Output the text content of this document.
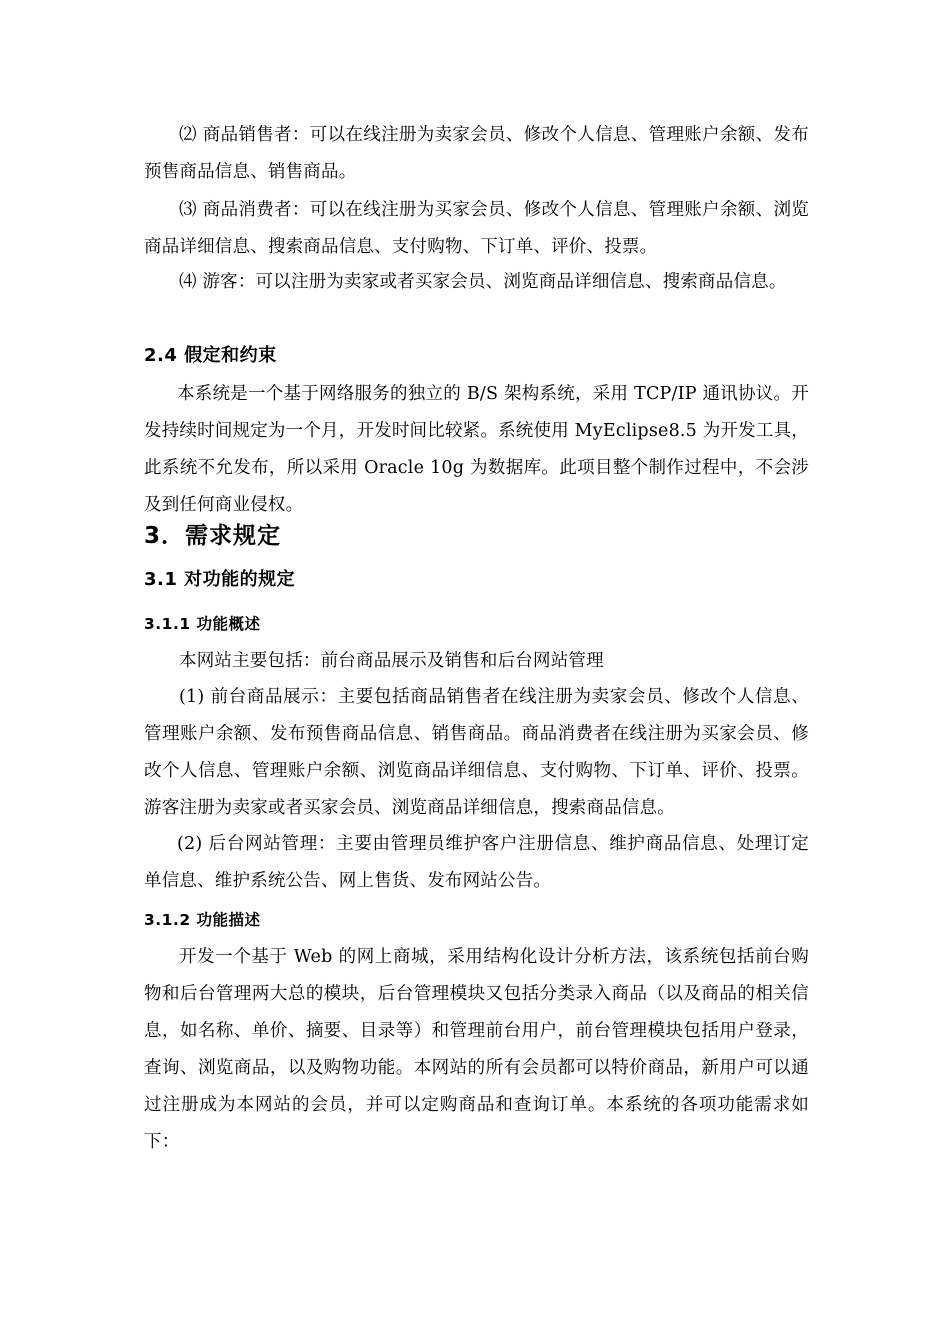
⑵ 商品销售者：可以在线注册为卖家会员、修改个人信息、管理账户余额、发布预售商品信息、销售商品。

⑶ 商品消费者：可以在线注册为买家会员、修改个人信息、管理账户余额、浏览商品详细信息、搜索商品信息、支付购物、下订单、评价、投票。

⑷ 游客：可以注册为卖家或者买家会员、浏览商品详细信息、搜索商品信息。

2.4 假定和约束

本系统是一个基于网络服务的独立的 B/S 架构系统，采用 TCP/IP 通讯协议。开发持续时间规定为一个月，开发时间比较紧。系统使用 MyEclipse8.5 为开发工具，此系统不允发布，所以采用 Oracle 10g 为数据库。此项目整个制作过程中，不会涉及到任何商业侵权。

3．需求规定
3.1 对功能的规定
3.1.1 功能概述

本网站主要包括：前台商品展示及销售和后台网站管理

(1) 前台商品展示：主要包括商品销售者在线注册为卖家会员、修改个人信息、管理账户余额、发布预售商品信息、销售商品。商品消费者在线注册为买家会员、修改个人信息、管理账户余额、浏览商品详细信息、支付购物、下订单、评价、投票。游客注册为卖家或者买家会员、浏览商品详细信息，搜索商品信息。

(2) 后台网站管理：主要由管理员维护客户注册信息、维护商品信息、处理订定单信息、维护系统公告、网上售货、发布网站公告。

3.1.2 功能描述

开发一个基于 Web 的网上商城，采用结构化设计分析方法，该系统包括前台购物和后台管理两大总的模块，后台管理模块又包括分类录入商品（以及商品的相关信息，如名称、单价、摘要、目录等）和管理前台用户，前台管理模块包括用户登录，查询、浏览商品，以及购物功能。本网站的所有会员都可以特价商品，新用户可以通过注册成为本网站的会员，并可以定购商品和查询订单。本系统的各项功能需求如下：
